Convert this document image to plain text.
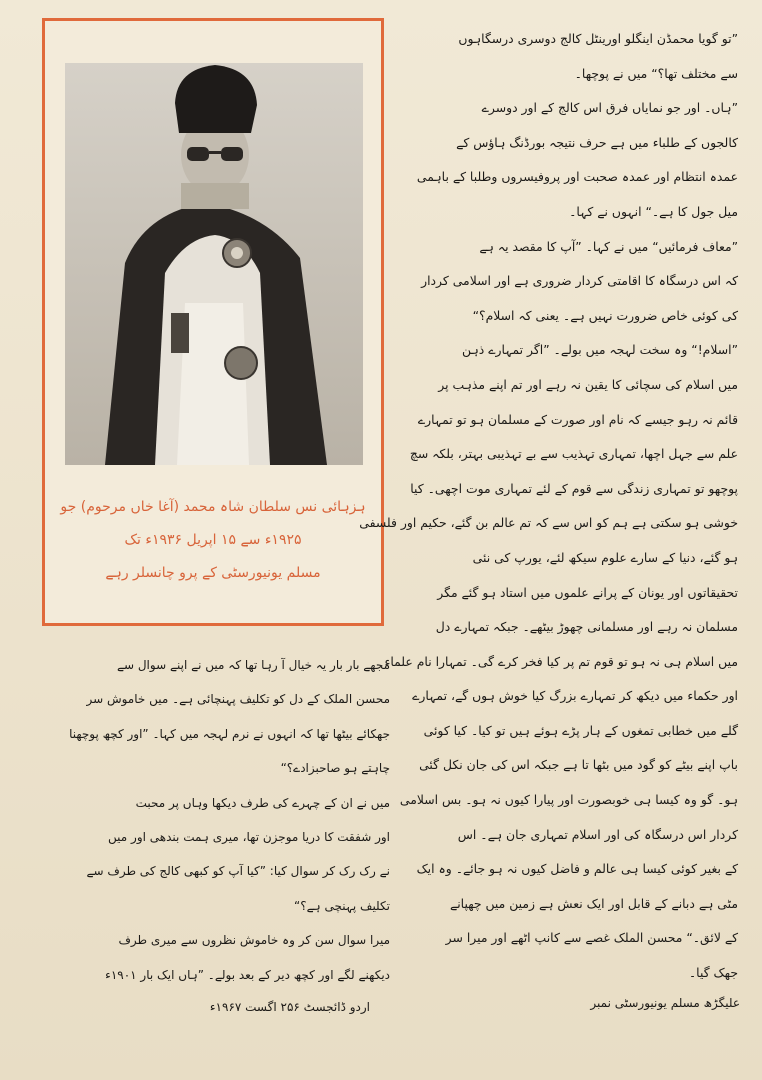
ہزہائی نس سلطان شاہ محمد (آغا خاں مرحوم) جو

۱۹۲۵ء سے ۱۵ اپریل ۱۹۳۶ء تک

مسلم یونیورسٹی کے پرو چانسلر رہے

”تو گویا محمڈن اینگلو اورینٹل کالج دوسری درسگاہوں

سے مختلف تھا؟“ میں نے پوچھا۔

”ہاں۔ اور جو نمایاں فرق اس کالج کے اور دوسرے

کالجوں کے طلباء میں ہے حرف نتیجہ بورڈنگ ہاؤس کے

عمدہ انتظام اور عمدہ صحبت اور پروفیسروں وطلبا کے باہمی

میل جول کا ہے۔“ انہوں نے کہا۔

”معاف فرمائیں“ میں نے کہا۔ ”آپ کا مقصد یہ ہے

کہ اس درسگاہ کا اقامتی کردار ضروری ہے اور اسلامی کردار

کی کوئی خاص ضرورت نہیں ہے۔ یعنی کہ اسلام؟“

”اسلام!“ وہ سخت لہجہ میں بولے۔ ”اگر تمہارے ذہن

میں اسلام کی سچائی کا یقین نہ رہے اور تم اپنے مذہب پر

قائم نہ رہو جیسے کہ نام اور صورت کے مسلمان ہو تو تمہارے

علم سے جہل اچھا، تمہاری تہذیب سے بے تہذیبی بہتر، بلکہ سچ

پوچھو تو تمہاری زندگی سے قوم کے لئے تمہاری موت اچھی۔ کیا

خوشی ہو سکتی ہے ہم کو اس سے کہ تم عالم بن گئے، حکیم اور فلسفی

ہو گئے، دنیا کے سارے علوم سیکھ لئے، یورپ کی نئی

تحقیقاتوں اور یونان کے پرانے علموں میں استاد ہو گئے مگر

مسلمان نہ رہے اور مسلمانی چھوڑ بیٹھے۔ جبکہ تمہارے دل

میں اسلام ہی نہ ہو تو قوم تم پر کیا فخر کرے گی۔ تمہارا نام علماء

اور حکماء میں دیکھ کر تمہارے بزرگ کیا خوش ہوں گے، تمہارے

گلے میں خطابی تمغوں کے ہار پڑے ہوئے ہیں تو کیا۔ کیا کوئی

باپ اپنے بیٹے کو گود میں بٹھا تا ہے جبکہ اس کی جان نکل گئی

ہو۔ گو وہ کیسا ہی خوبصورت اور پیارا کیوں نہ ہو۔ بس اسلامی

کردار اس درسگاہ کی اور اسلام تمہاری جان ہے۔ اس

کے بغیر کوئی کیسا ہی عالم و فاضل کیوں نہ ہو جائے۔ وہ ایک

مٹی ہے دبانے کے قابل اور ایک نعش ہے زمین میں چھپانے

کے لائق۔“ محسن الملک غصے سے کانپ اٹھے اور میرا سر

جھک گیا۔

مجھے بار بار یہ خیال آ رہا تھا کہ میں نے اپنے سوال سے

محسن الملک کے دل کو تکلیف پہنچائی ہے۔ میں خاموش سر

جھکائے بیٹھا تھا کہ انہوں نے نرم لہجہ میں کہا۔ ”اور کچھ پوچھنا

چاہتے ہو صاحبزادے؟“

میں نے ان کے چہرے کی طرف دیکھا وہاں پر محبت

اور شفقت کا دریا موجزن تھا، میری ہمت بندھی اور میں

نے رک رک کر سوال کیا: ”کیا آپ کو کبھی کالج کی طرف سے

تکلیف پہنچی ہے؟“

میرا سوال سن کر وہ خاموش نظروں سے میری طرف

دیکھنے لگے اور کچھ دیر کے بعد بولے۔ ”ہاں ایک بار ۱۹۰۱ء

اردو ڈائجسٹ ۲۵۶ اگست ۱۹۶۷ء	علیگڑھ مسلم یونیورسٹی نمبر
